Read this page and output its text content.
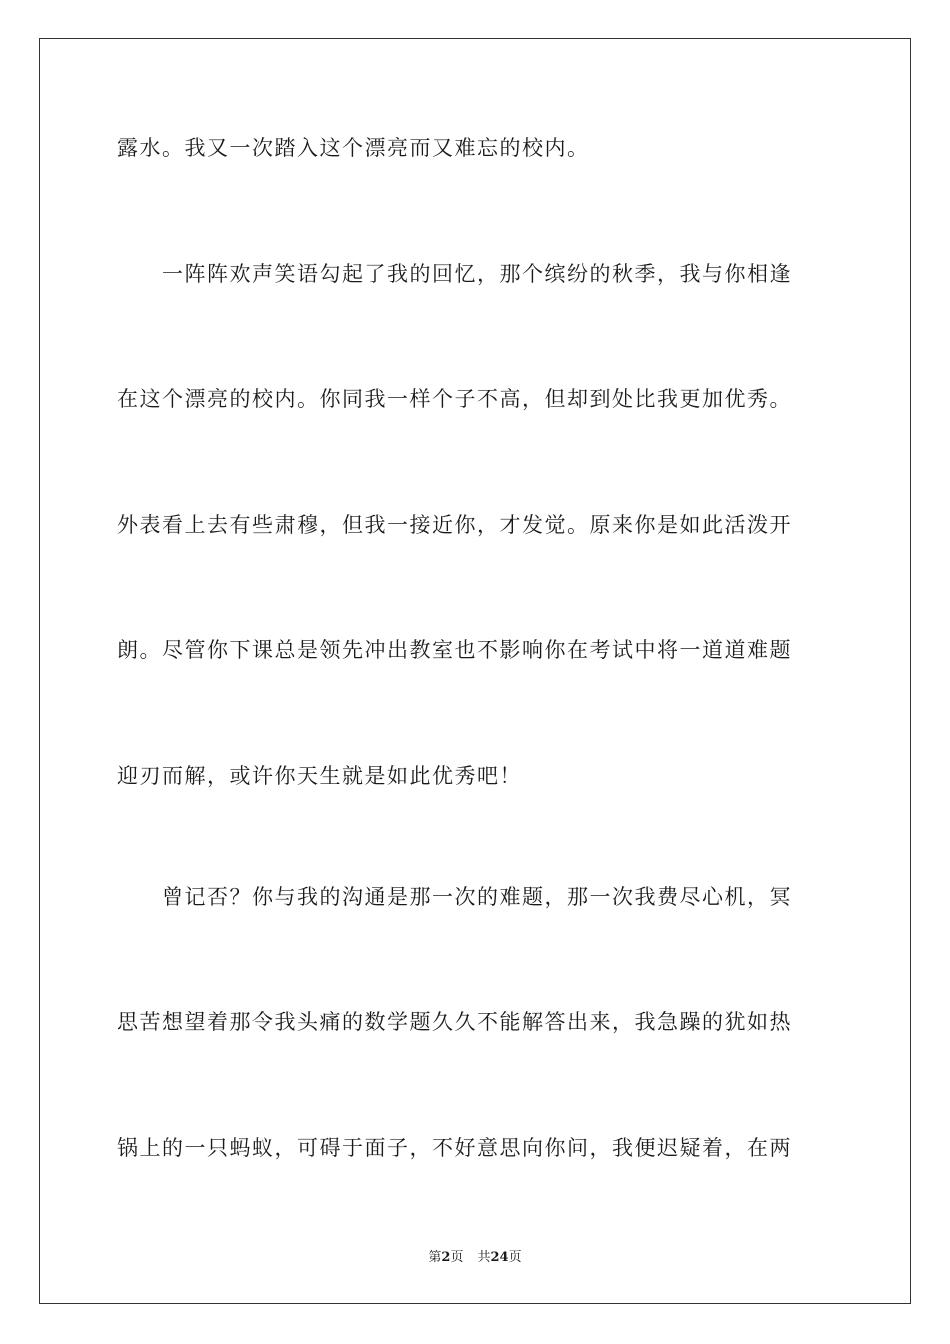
露水。我又一次踏入这个漂亮而又难忘的校内。
　　一阵阵欢声笑语勾起了我的回忆，那个缤纷的秋季，我与你相逢
在这个漂亮的校内。你同我一样个子不高，但却到处比我更加优秀。
外表看上去有些肃穆，但我一接近你，才发觉。原来你是如此活泼开
朗。尽管你下课总是领先冲出教室也不影响你在考试中将一道道难题
迎刃而解，或许你天生就是如此优秀吧！
　　曾记否？你与我的沟通是那一次的难题，那一次我费尽心机，冥
思苦想望着那令我头痛的数学题久久不能解答出来，我急躁的犹如热
锅上的一只蚂蚁，可碍于面子，不好意思向你问，我便迟疑着，在两
第2页 共24页
